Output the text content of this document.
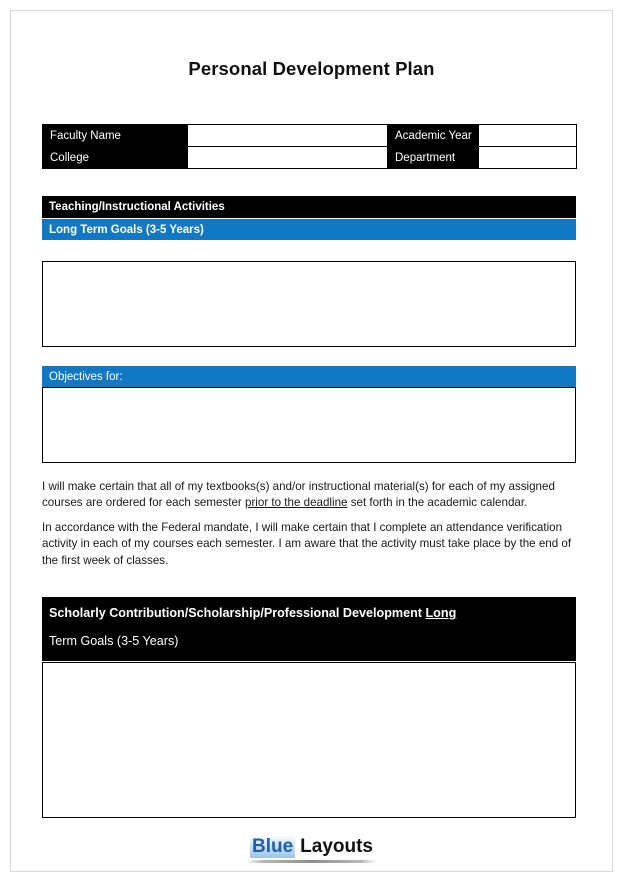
Personal Development Plan
Faculty Name		Academic Year	
College		Department	
Teaching/Instructional Activities
Long Term Goals (3-5 Years)
Objectives for:
I will make certain that all of my textbooks(s) and/or instructional material(s) for each of my assigned courses are ordered for each semester prior to the deadline set forth in the academic calendar.
In accordance with the Federal mandate, I will make certain that I complete an attendance verification activity in each of my courses each semester. I am aware that the activity must take place by the end of the first week of classes.
Scholarly Contribution/Scholarship/Professional Development Long
Term Goals (3-5 Years)
Blue Layouts
